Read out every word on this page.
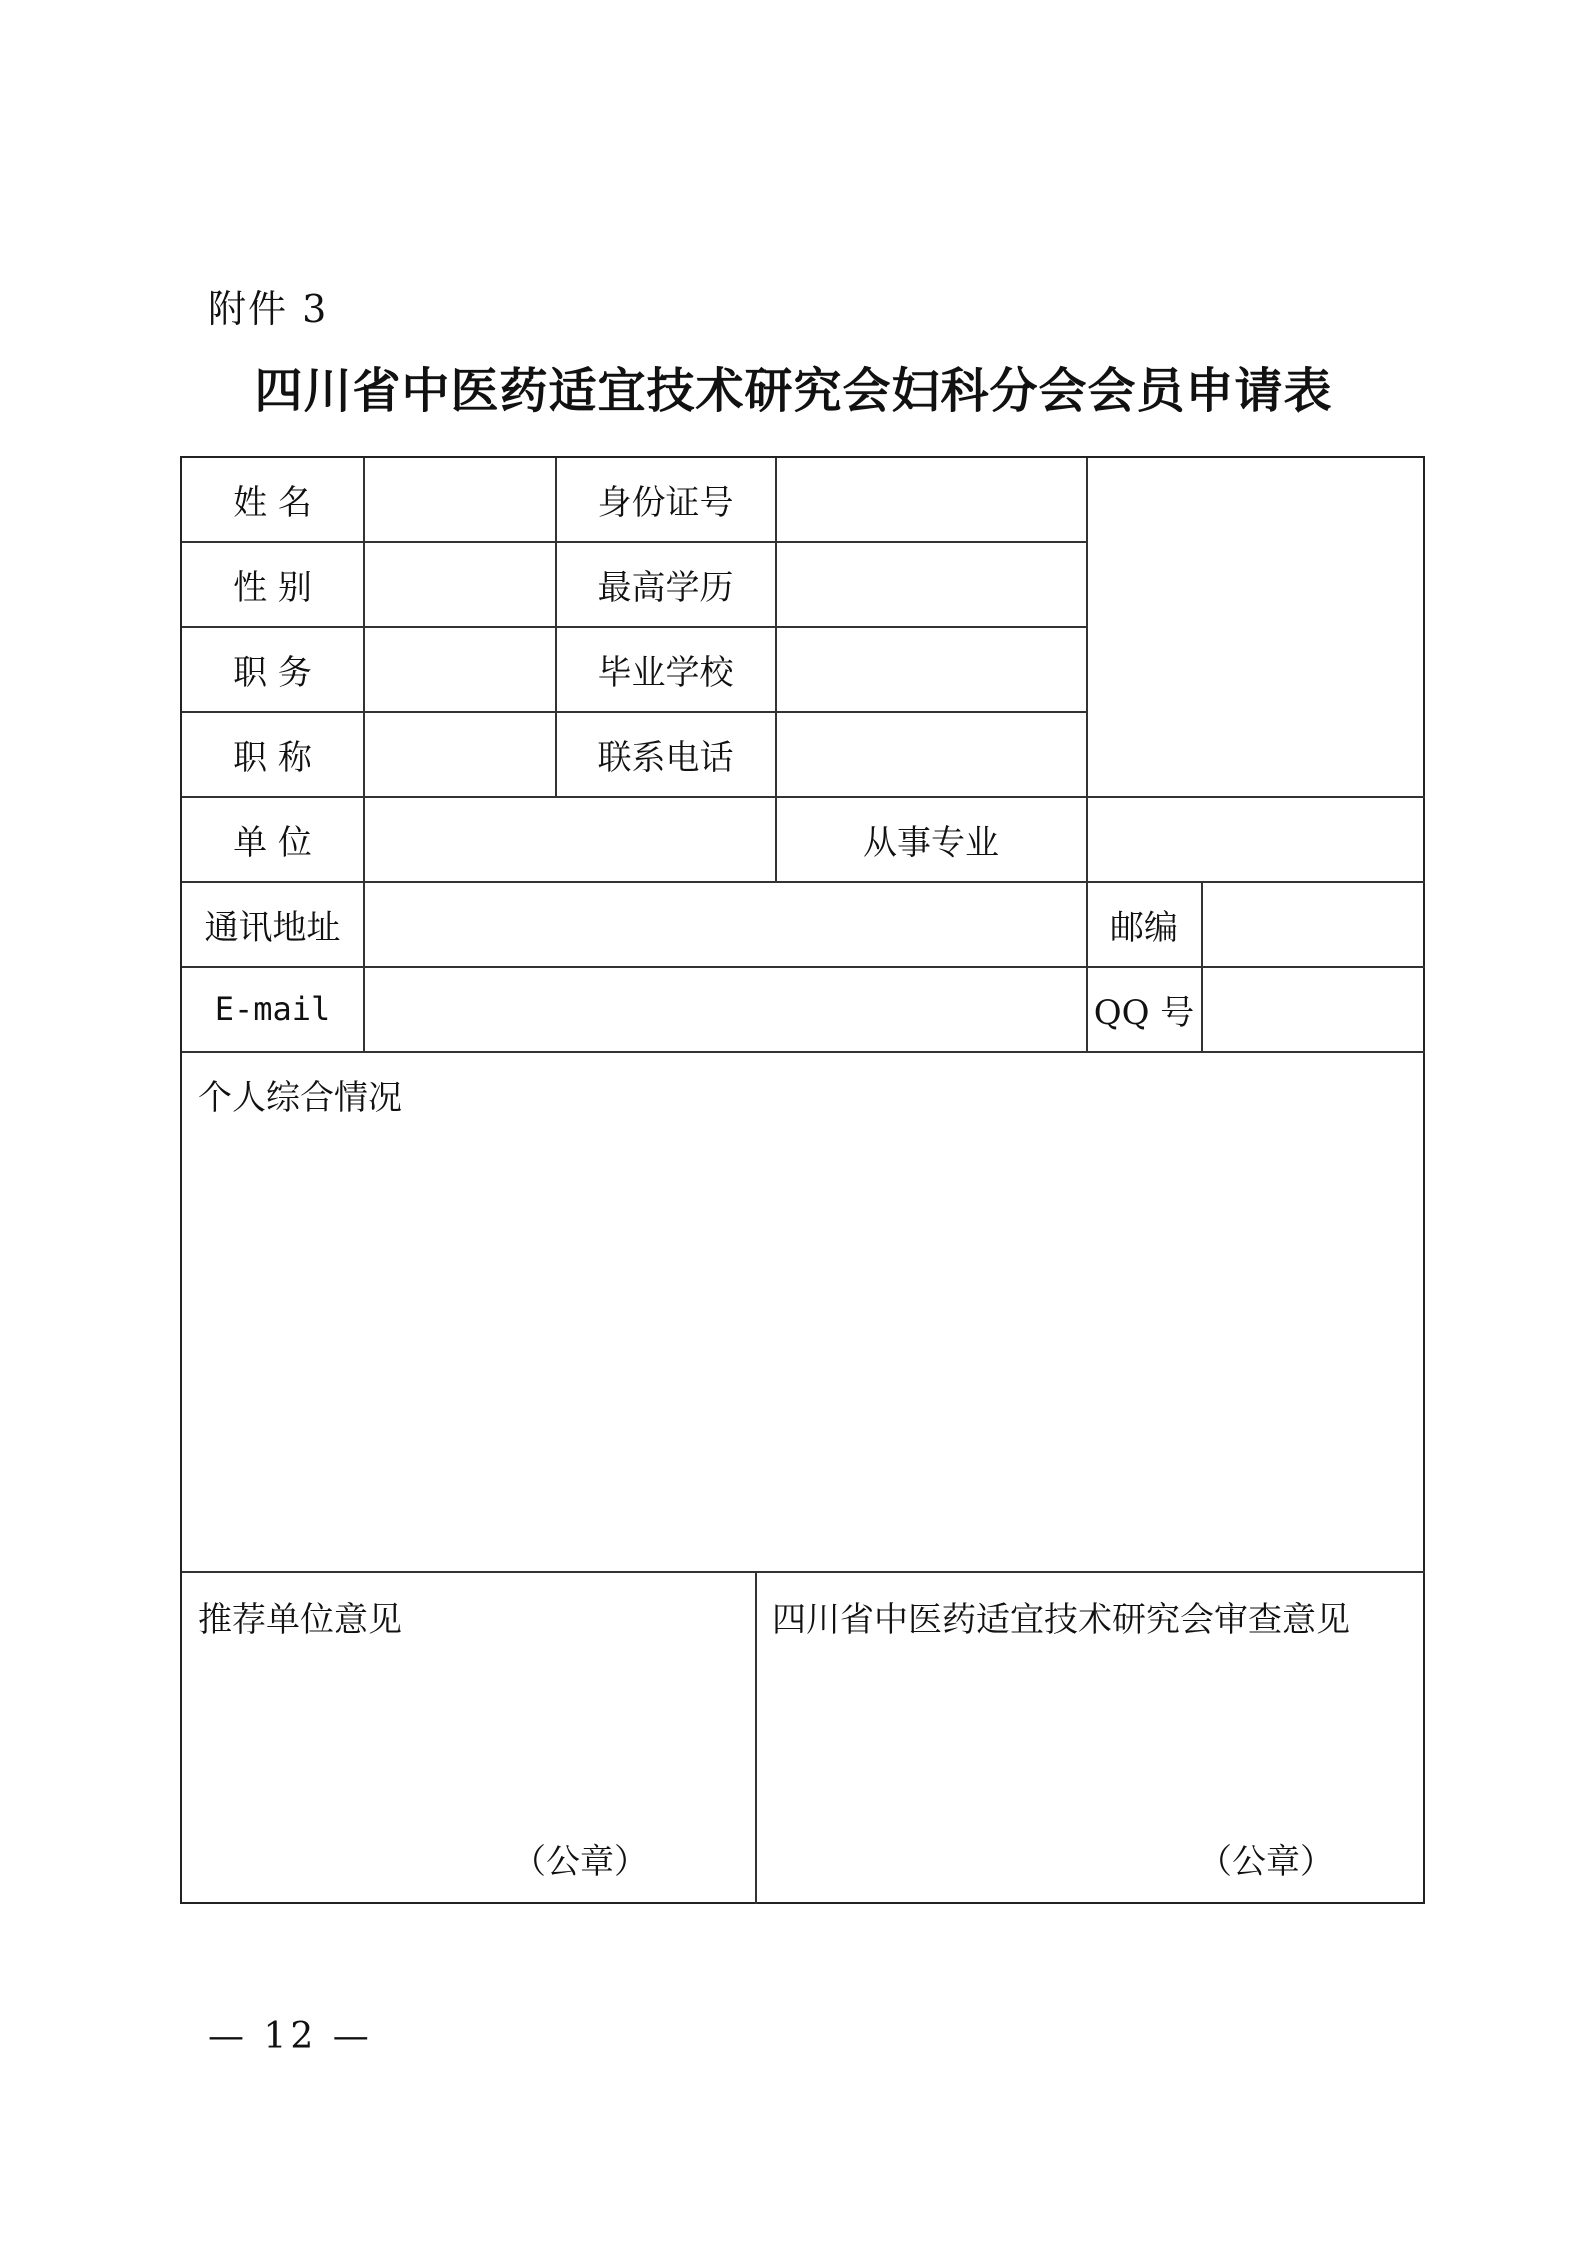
附件 3
四川省中医药适宜技术研究会妇科分会会员申请表
姓 名	身份证号
性 别	最高学历
职 务	毕业学校
职 称	联系电话
单 位	从事专业
通讯地址	邮编
E-mail	QQ 号
个人综合情况
推荐单位意见
（公章）
四川省中医药适宜技术研究会审查意见
（公章）
— 12 —
